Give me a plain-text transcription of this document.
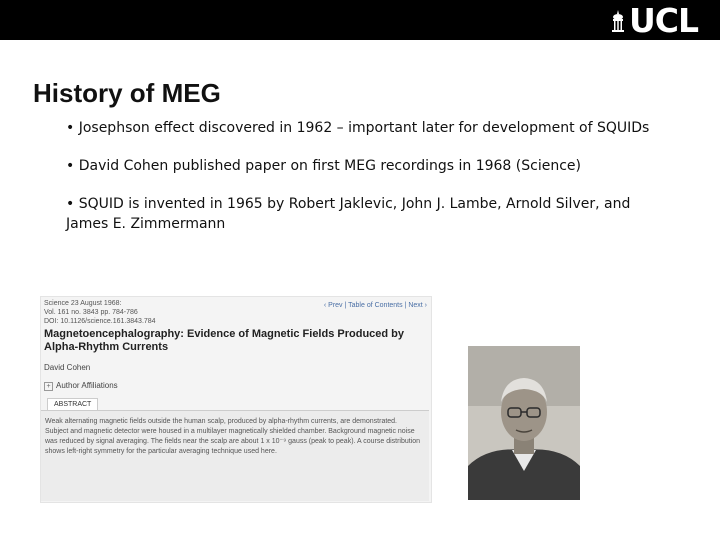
UCL
History of MEG

• Josephson effect discovered in 1962 – important later for development of SQUIDs

• David Cohen published paper on first MEG recordings in 1968 (Science)

• SQUID is invented in 1965 by Robert Jaklevic, John J. Lambe, Arnold Silver, and James E. Zimmermann

Science 23 August 1968:
Vol. 161 no. 3843 pp. 784-786
DOI: 10.1126/science.161.3843.784
‹ Prev | Table of Contents | Next ›
Magnetoencephalography: Evidence of Magnetic Fields Produced by Alpha-Rhythm Currents
David Cohen
+ Author Affiliations
ABSTRACT
Weak alternating magnetic fields outside the human scalp, produced by alpha-rhythm currents, are demonstrated. Subject and magnetic detector were housed in a multilayer magnetically shielded chamber. Background magnetic noise was reduced by signal averaging. The fields near the scalp are about 1 x 10⁻⁹ gauss (peak to peak). A course distribution shows left-right symmetry for the particular averaging technique used here.
